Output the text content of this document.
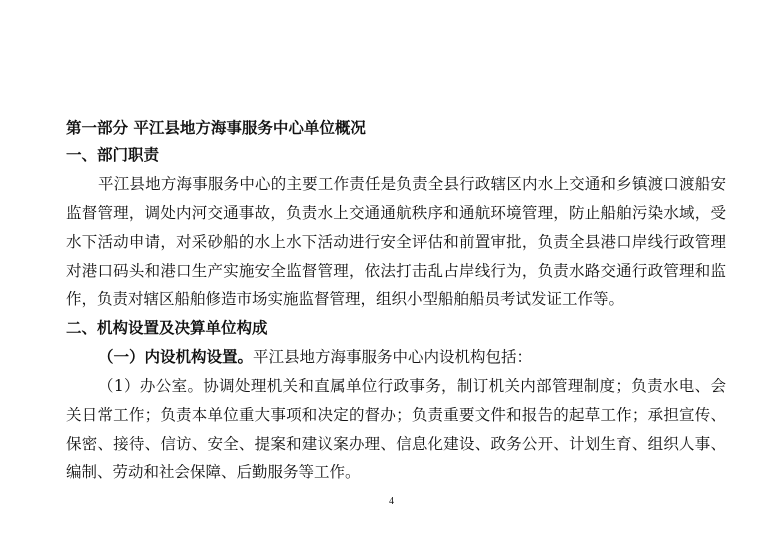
第一部分 平江县地方海事服务中心单位概况
一、部门职责
平江县地方海事服务中心的主要工作责任是负责全县行政辖区内水上交通和乡镇渡口渡船安
监督管理，调处内河交通事故，负责水上交通通航秩序和通航环境管理，防止船舶污染水域，受
水下活动申请，对采砂船的水上水下活动进行安全评估和前置审批，负责全县港口岸线行政管理
对港口码头和港口生产实施安全监督管理，依法打击乱占岸线行为，负责水路交通行政管理和监
作，负责对辖区船舶修造市场实施监督管理，组织小型船舶船员考试发证工作等。
二、机构设置及决算单位构成
（一）内设机构设置。平江县地方海事服务中心内设机构包括：
（1）办公室。协调处理机关和直属单位行政事务，制订机关内部管理制度；负责水电、会
关日常工作；负责本单位重大事项和决定的督办；负责重要文件和报告的起草工作；承担宣传、
保密、接待、信访、安全、提案和建议案办理、信息化建设、政务公开、计划生育、组织人事、
编制、劳动和社会保障、后勤服务等工作。
4
